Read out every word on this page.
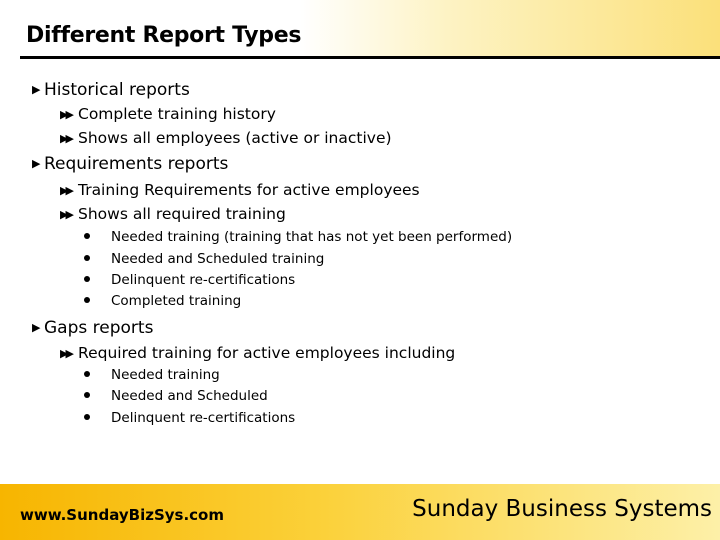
Different Report Types
▶ Historical reports
▶▶ Complete training history
▶▶ Shows all employees (active or inactive)
▶ Requirements reports
▶▶ Training Requirements for active employees
▶▶ Shows all required training
Needed training (training that has not yet been performed)
Needed and Scheduled training
Delinquent re-certifications
Completed training
▶ Gaps reports
▶▶ Required training for active employees including
Needed training
Needed and Scheduled
Delinquent re-certifications
www.SundayBizSys.com	Sunday Business Systems
